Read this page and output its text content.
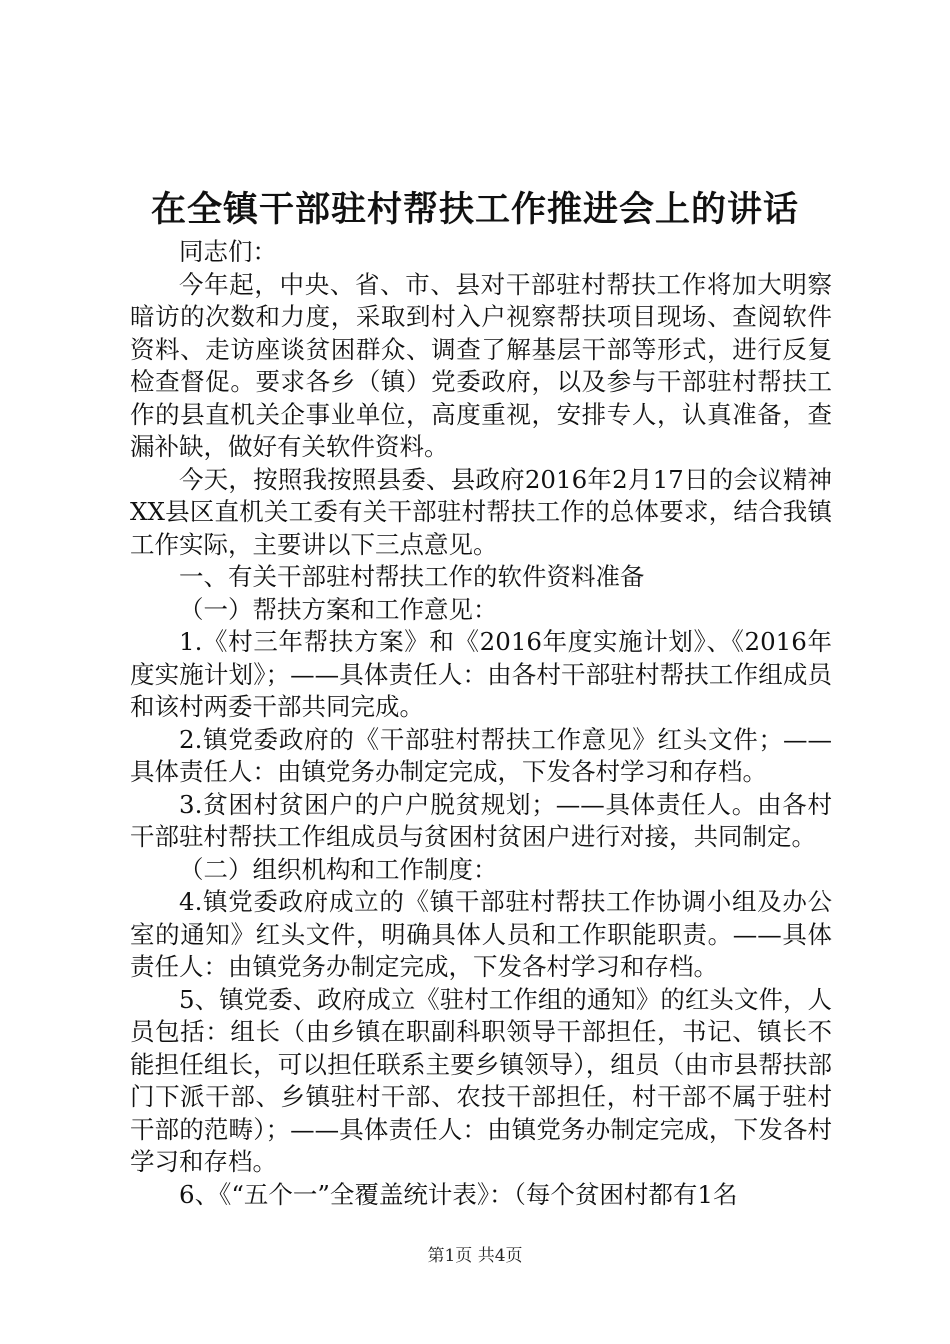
在全镇干部驻村帮扶工作推进会上的讲话

同志们：

今年起，中央、省、市、县对干部驻村帮扶工作将加大明察暗访的次数和力度，采取到村入户视察帮扶项目现场、查阅软件资料、走访座谈贫困群众、调查了解基层干部等形式，进行反复检查督促。要求各乡（镇）党委政府，以及参与干部驻村帮扶工作的县直机关企事业单位，高度重视，安排专人，认真准备，查漏补缺，做好有关软件资料。

今天，按照我按照县委、县政府2016年2月17日的会议精神XX县区直机关工委有关干部驻村帮扶工作的总体要求，结合我镇工作实际，主要讲以下三点意见。

一、有关干部驻村帮扶工作的软件资料准备

（一）帮扶方案和工作意见：

1.《村三年帮扶方案》和《2016年度实施计划》、《2016年度实施计划》；——具体责任人：由各村干部驻村帮扶工作组成员和该村两委干部共同完成。

2.镇党委政府的《干部驻村帮扶工作意见》红头文件；——具体责任人：由镇党务办制定完成，下发各村学习和存档。

3.贫困村贫困户的户户脱贫规划；——具体责任人。由各村干部驻村帮扶工作组成员与贫困村贫困户进行对接，共同制定。

（二）组织机构和工作制度：

4.镇党委政府成立的《镇干部驻村帮扶工作协调小组及办公室的通知》红头文件，明确具体人员和工作职能职责。——具体责任人：由镇党务办制定完成，下发各村学习和存档。

5、镇党委、政府成立《驻村工作组的通知》的红头文件，人员包括：组长（由乡镇在职副科职领导干部担任，书记、镇长不能担任组长，可以担任联系主要乡镇领导），组员（由市县帮扶部门下派干部、乡镇驻村干部、农技干部担任，村干部不属于驻村干部的范畴）；——具体责任人：由镇党务办制定完成，下发各村学习和存档。

6、《“五个一”全覆盖统计表》：（每个贫困村都有1名

第1页 共4页
